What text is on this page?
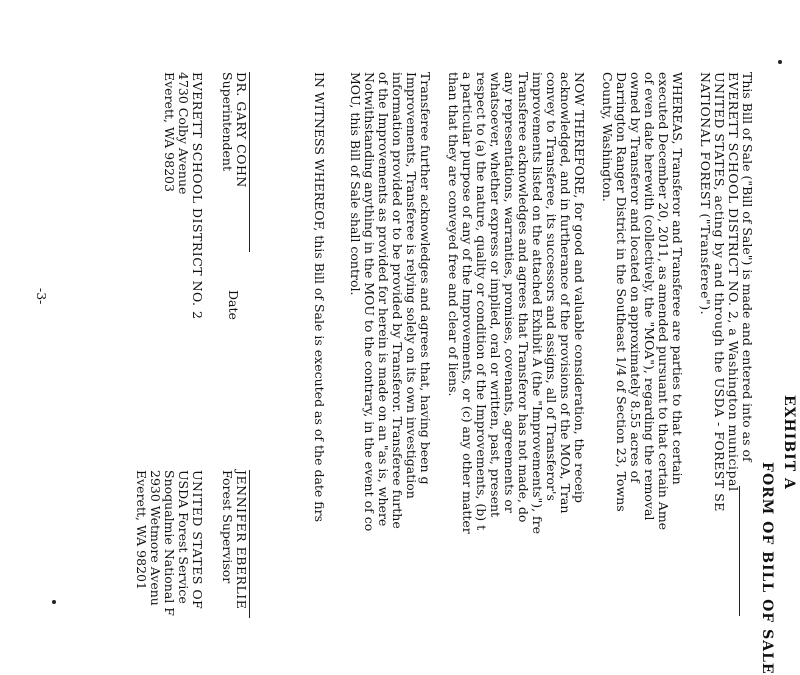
EXHIBIT A
FORM OF BILL OF SALE
This Bill of Sale ("Bill of Sale") is made and entered into as of
EVERETT SCHOOL DISTRICT NO. 2, a Washington municipal
UNITED STATES, acting by and through the USDA - FOREST SE
NATIONAL FOREST ("Transferee").
WHEREAS, Transferor and Transferee are parties to that certain
executed December 20, 2011, as amended pursuant to that certain Ame
of even date herewith (collectively, the "MOA"), regarding the removal
owned by Transferor and located on approximately 8.55 acres of
Darrington Ranger District in the Southeast 1/4 of Section 23, Towns
County, Washington.
NOW THEREFORE, for good and valuable consideration, the receip
acknowledged, and in furtherance of the provisions of the MOA, Tran
convey to Transferee, its successors and assigns, all of Transferor's
improvements listed on the attached Exhibit A (the "Improvements"), fre
Transferee acknowledges and agrees that Transferor has not made, do
any representations, warranties, promises, covenants, agreements or
whatsoever, whether express or implied, oral or written, past, present
respect to (a) the nature, quality or condition of the Improvements, (b) t
a particular purpose of any of the Improvements, or (c) any other matter
than that they are conveyed free and clear of liens.
Transferee further acknowledges and agrees that, having been g
Improvements, Transferee is relying solely on its own investigation
information provided or to be provided by Transferor. Transferee furthe
of the Improvements as provided for herein is made on an "as is, where
Notwithstanding anything in the MOU to the contrary, in the event of co
MOU, this Bill of Sale shall control.
IN WITNESS WHEREOF, this Bill of Sale is executed as of the date firs
DR. GARY COHN
Superintendent
Date
EVERETT SCHOOL DISTRICT NO. 2
4730 Colby Avenue
Everett, WA 98203
JENNIFER EBERLIE
Forest Supervisor
UNITED STATES OF
USDA Forest Service
Snoqualmie National F
2930 Wetmore Avenu
Everett, WA 98201
-3-
